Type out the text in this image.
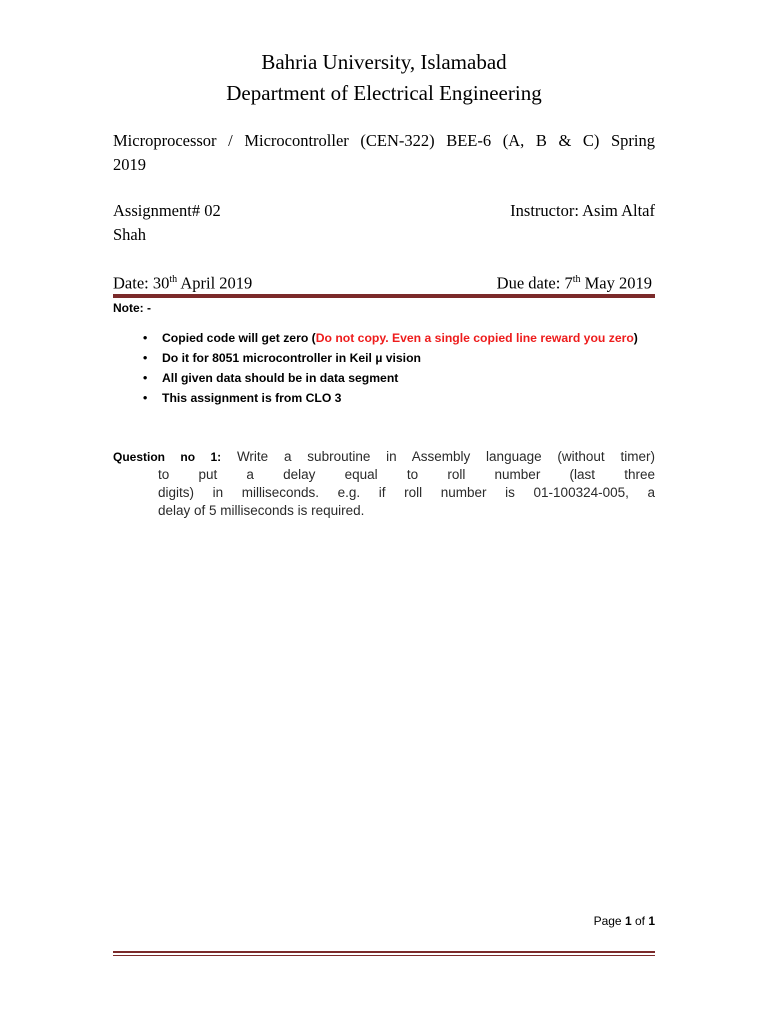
Bahria University, Islamabad
Department of Electrical Engineering
Microprocessor / Microcontroller (CEN-322) BEE-6 (A, B & C) Spring
2019
Assignment# 02	Instructor: Asim Altaf
Shah
Date: 30th April 2019	Due date: 7th May 2019
Note: -
• Copied code will get zero (Do not copy. Even a single copied line reward you zero)
• Do it for 8051 microcontroller in Keil µ vision
• All given data should be in data segment
• This assignment is from CLO 3
Question no 1: Write a subroutine in Assembly language (without timer)
to put a delay equal to roll number (last three
digits) in milliseconds. e.g. if roll number is 01-100324-005, a
delay of 5 milliseconds is required.
Page 1 of 1
